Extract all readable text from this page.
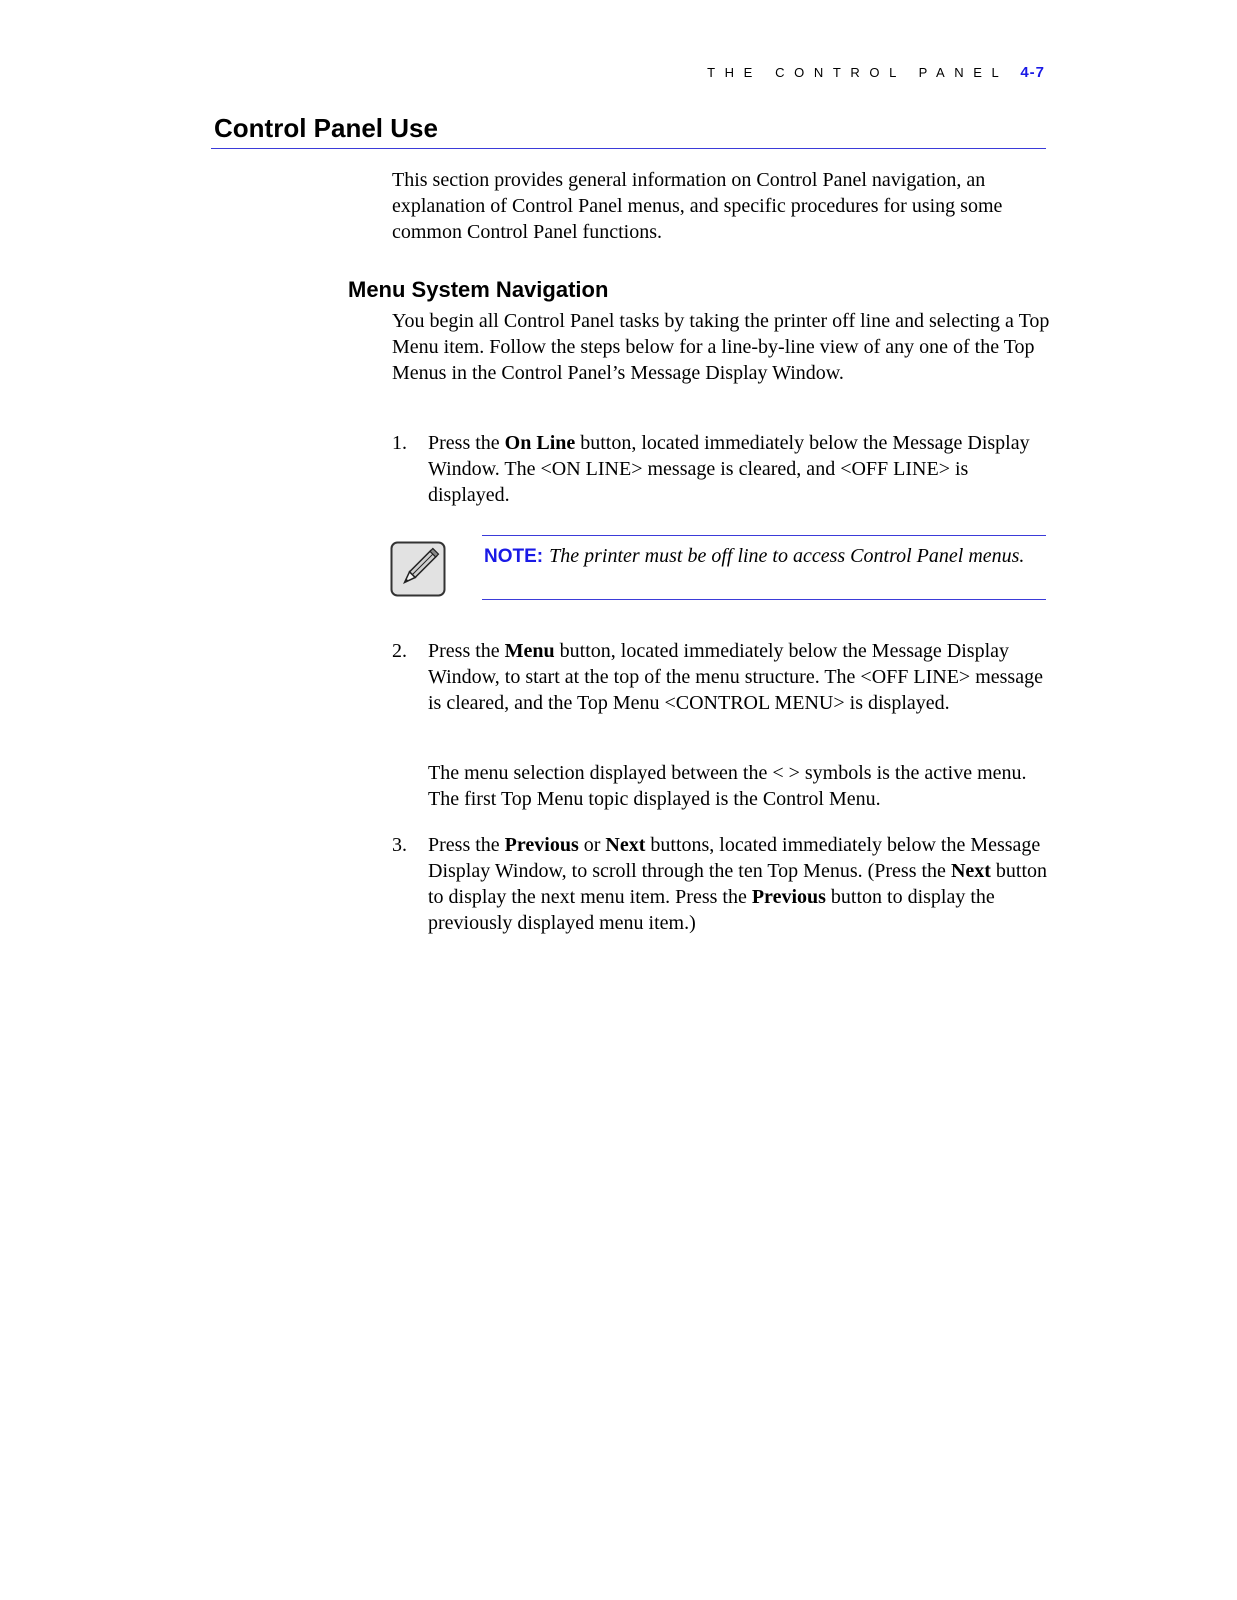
THE CONTROL PANEL 4-7
Control Panel Use

This section provides general information on Control Panel navigation, an explanation of Control Panel menus, and specific procedures for using some common Control Panel functions.

Menu System Navigation

You begin all Control Panel tasks by taking the printer off line and selecting a Top Menu item. Follow the steps below for a line-by-line view of any one of the Top Menus in the Control Panel’s Message Display Window.

1. Press the On Line button, located immediately below the Message Display Window. The <ON LINE> message is cleared, and <OFF LINE> is displayed.

NOTE: The printer must be off line to access Control Panel menus.
2. Press the Menu button, located immediately below the Message Display Window, to start at the top of the menu structure. The <OFF LINE> message is cleared, and the Top Menu <CONTROL MENU> is displayed.

The menu selection displayed between the < > symbols is the active menu. The first Top Menu topic displayed is the Control Menu.

3. Press the Previous or Next buttons, located immediately below the Message Display Window, to scroll through the ten Top Menus. (Press the Next button to display the next menu item. Press the Previous button to display the previously displayed menu item.)
